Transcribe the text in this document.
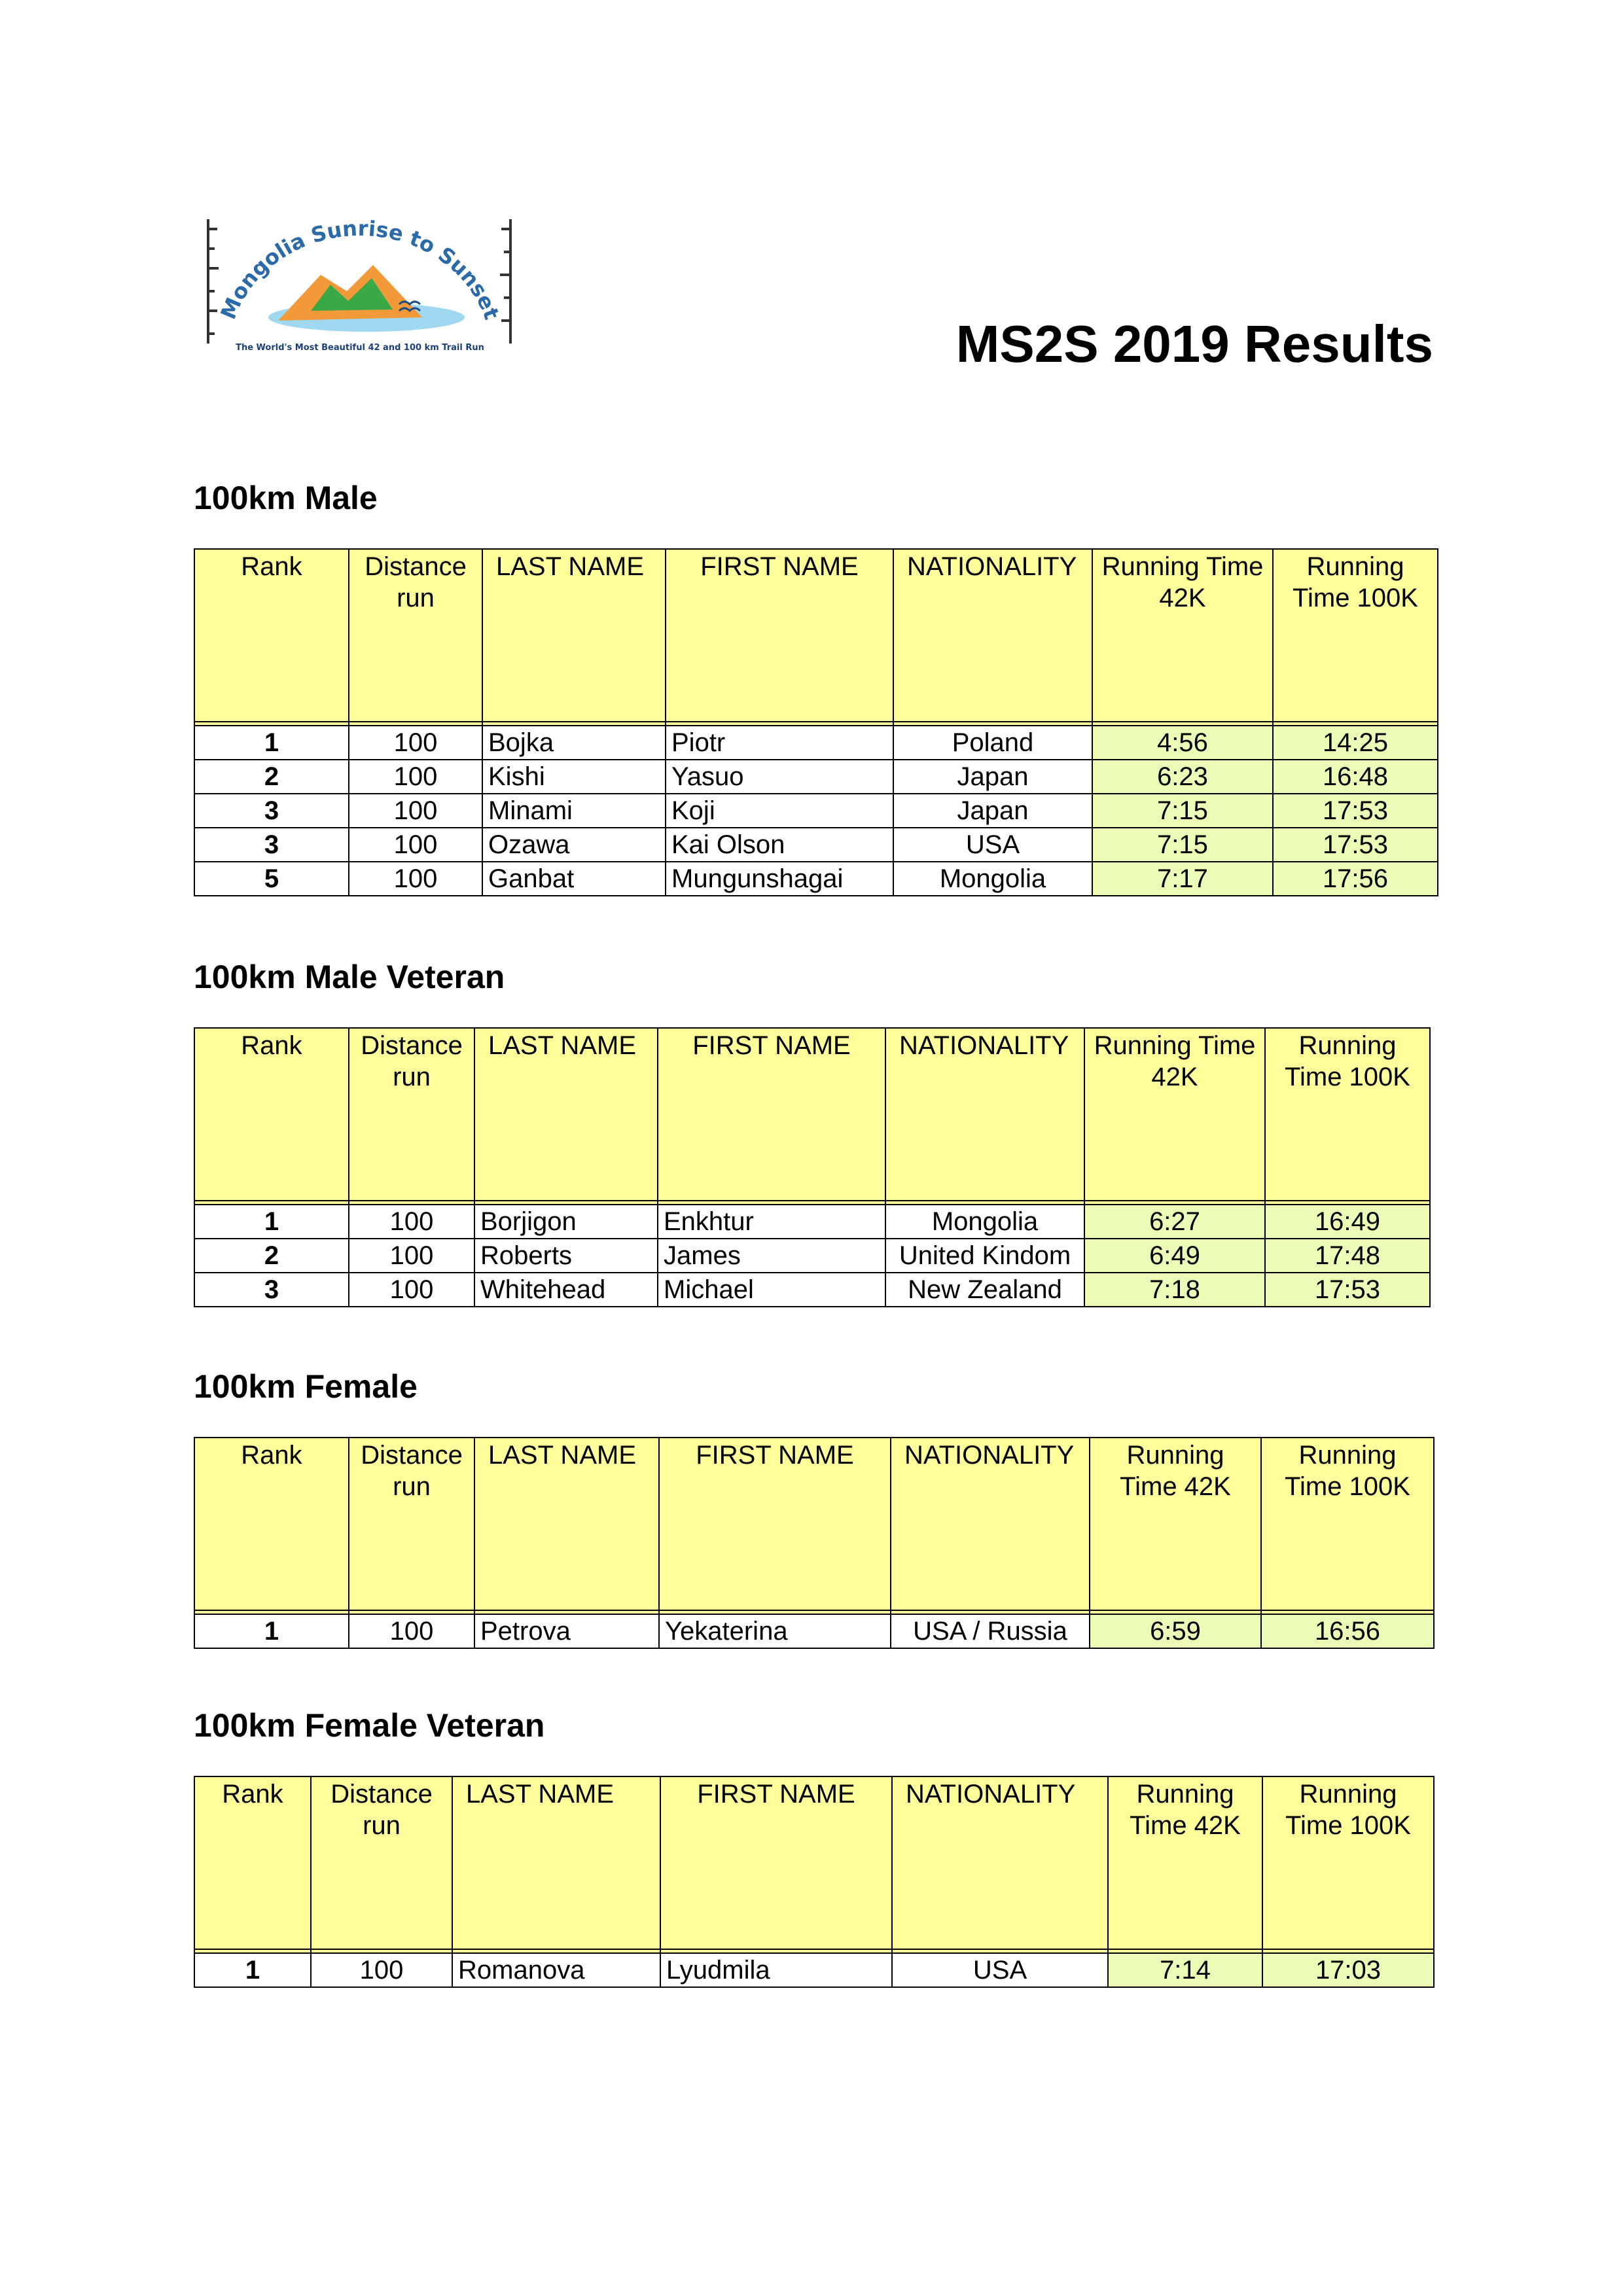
Mongolia Sunrise to Sunset
The World's Most Beautiful 42 and 100 km Trail Run	MS2S 2019 Results
100km Male
Rank	Distance run	LAST NAME	FIRST NAME	NATIONALITY	Running Time 42K	Running Time 100K

1	100	Bojka	Piotr	Poland	4:56	14:25
2	100	Kishi	Yasuo	Japan	6:23	16:48
3	100	Minami	Koji	Japan	7:15	17:53
3	100	Ozawa	Kai Olson	USA	7:15	17:53
5	100	Ganbat	Mungunshagai	Mongolia	7:17	17:56
100km Male Veteran
Rank	Distance run	LAST NAME	FIRST NAME	NATIONALITY	Running Time 42K	Running Time 100K

1	100	Borjigon	Enkhtur	Mongolia	6:27	16:49
2	100	Roberts	James	United Kindom	6:49	17:48
3	100	Whitehead	Michael	New Zealand	7:18	17:53
100km Female
Rank	Distance run	LAST NAME	FIRST NAME	NATIONALITY	Running Time 42K	Running Time 100K

1	100	Petrova	Yekaterina	USA / Russia	6:59	16:56
100km Female Veteran
Rank	Distance run	LAST NAME	FIRST NAME	NATIONALITY	Running Time 42K	Running Time 100K

1	100	Romanova	Lyudmila	USA	7:14	17:03
